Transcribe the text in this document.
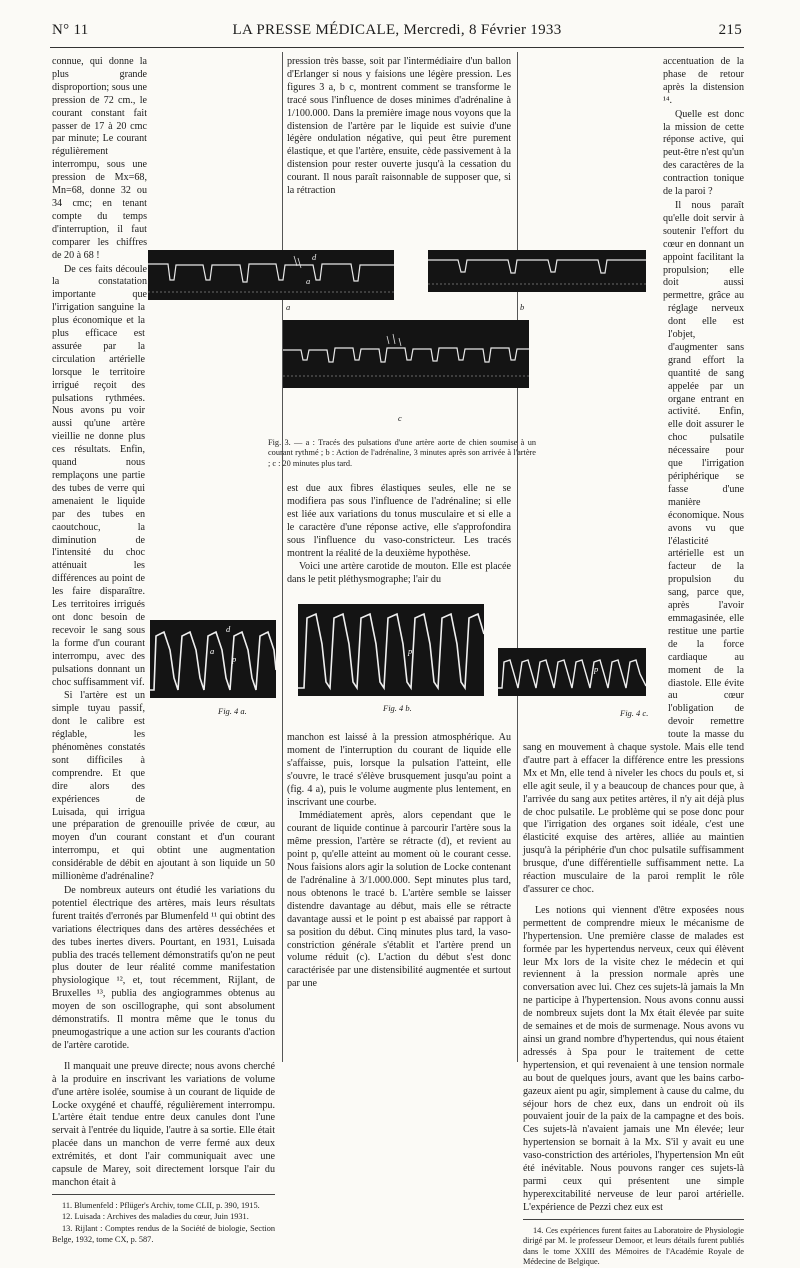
N° 11	LA PRESSE MÉDICALE, Mercredi, 8 Février 1933	215

connue, qui donne la plus grande disproportion; sous une pression de 72 cm., le courant constant fait passer de 17 à 20 cmc par minute; Le courant régulièrement interrompu, sous une pression de Mx=68, Mn=68, donne 32 ou 34 cmc; en tenant compte du temps d'interruption, il faut comparer les chiffres de 20 à 68 !

De ces faits découle la constatation importante que l'irrigation sanguine la plus économique et la plus efficace est assurée par la circulation artérielle lorsque le territoire irrigué reçoit des pulsations rythmées. Nous avons pu voir aussi qu'une artère vieillie ne donne plus ces résultats. Enfin, quand nous remplaçons une partie des tubes de verre qui amenaient le liquide par des tubes en caoutchouc, la diminution de l'intensité du choc atténuait les différences au point de les faire disparaître. Les territoires irrigués ont donc besoin de recevoir le sang sous la forme d'un courant interrompu, avec des pulsations donnant un choc suffisamment vif.

Si l'artère est un simple tuyau passif, dont le calibre est réglable, les phénomènes constatés sont difficiles à comprendre. Et que dire alors des expériences de Luisada, qui irrigua une préparation de grenouille privée de cœur, au moyen d'un courant constant et d'un courant interrompu, et qui obtint une augmentation considérable de débit en ajoutant à son liquide un 50 millionème d'adrénaline?

De nombreux auteurs ont étudié les variations du potentiel électrique des artères, mais leurs résultats furent traités d'erronés par Blumenfeld ¹¹ qui obtint des variations électriques dans des artères desséchées et des tubes inertes divers. Pourtant, en 1931, Luisada publia des tracés tellement démonstratifs qu'on ne peut plus douter de leur réalité comme manifestation physiologique ¹², et, tout récemment, Rijlant, de Bruxelles ¹³, publia des angiogrammes obtenus au moyen de son oscillographe, qui sont absolument démonstratifs. Il montra même que le tonus du pneumogastrique a une action sur les courants d'action de l'artère carotide.

Il manquait une preuve directe; nous avons cherché à la produire en inscrivant les variations de volume d'une artère isolée, soumise à un courant de liquide de Locke oxygéné et chauffé, régulièrement interrompu. L'artère était tendue entre deux canules dont l'une servait à l'entrée du liquide, l'autre à sa sortie. Elle était placée dans un manchon de verre fermé aux deux extrémités, et dont l'air communiquait avec une capsule de Marey, soit directement lorsque l'air du manchon était à

11. Blumenfeld : Pflüger's Archiv, tome CLII, p. 390, 1915.

12. Luisada : Archives des maladies du cœur, Juin 1931.

13. Rijlant : Comptes rendus de la Société de biologie, Section Belge, 1932, tome CX, p. 587.

pression très basse, soit par l'intermédiaire d'un ballon d'Erlanger si nous y faisions une légère pression. Les figures 3 a, b c, montrent comment se transforme le tracé sous l'influence de doses minimes d'adrénaline à 1/100.000. Dans la première image nous voyons que la distension de l'artère par le liquide est suivie d'une légère ondulation négative, qui peut être purement élastique, et que l'artère, ensuite, cède passivement à la distension pour rester ouverte jusqu'à la cessation du courant. Il nous paraît raisonnable de supposer que, si la rétraction

est due aux fibres élastiques seules, elle ne se modifiera pas sous l'influence de l'adrénaline; si elle est liée aux variations du tonus musculaire et si elle a le caractère d'une réponse active, elle s'approfondira sous l'influence du vaso-constricteur. Les tracés montrent la réalité de la deuxième hypothèse.

Voici une artère carotide de mouton. Elle est placée dans le petit pléthysmographe; l'air du

manchon est laissé à la pression atmosphérique. Au moment de l'interruption du courant de liquide elle s'affaisse, puis, lorsque la pulsation l'atteint, elle s'ouvre, le tracé s'élève brusquement jusqu'au point a (fig. 4 a), puis le volume augmente plus lentement, en inscrivant une courbe.

Immédiatement après, alors cependant que le courant de liquide continue à parcourir l'artère sous la même pression, l'artère se rétracte (d), et revient au point p, qu'elle atteint au moment où le courant cesse. Nous faisions alors agir la solution de Locke contenant de l'adrénaline à 3/1.000.000. Sept minutes plus tard, nous obtenons le tracé b. L'artère semble se laisser distendre davantage au début, mais elle se rétracte davantage aussi et le point p est abaissé par rapport à sa position du début. Cinq minutes plus tard, la vaso-constriction générale s'établit et l'artère prend un volume réduit (c). L'action du début s'est donc caractérisée par une distensibilité augmentée et surtout par une

accentuation de la phase de retour après la distension ¹⁴.

Quelle est donc la mission de cette réponse active, qui peut-être n'est qu'un des caractères de la contraction tonique de la paroi ?

Il nous paraît qu'elle doit servir à soutenir l'effort du cœur en donnant un appoint facilitant la propulsion; elle doit aussi permettre, grâce au réglage nerveux dont elle est l'objet, d'augmenter sans grand effort la quantité de sang appelée par un organe entrant en activité. Enfin, elle doit assurer le choc pulsatile nécessaire pour que l'irrigation périphérique se fasse d'une manière économique. Nous avons vu que l'élasticité artérielle est un facteur de la propulsion du sang, parce que, après l'avoir emmagasinée, elle restitue une partie de la force cardiaque au moment de la diastole. Elle évite au cœur l'obligation de devoir remettre toute la masse du sang en mouvement à chaque systole. Mais elle tend d'autre part à effacer la différence entre les pressions Mx et Mn, elle tend à niveler les chocs du pouls et, si elle agit seule, il y a beaucoup de chances pour que, à l'arrivée du sang aux petites artères, il n'y ait déjà plus de choc pulsatile. Le problème qui se pose donc pour que l'irrigation des organes soit idéale, c'est une élasticité exquise des artères, alliée au maintien jusqu'à la périphérie d'un choc pulsatile suffisamment brusque, d'une différentielle suffisamment nette. La réaction musculaire de la paroi remplit le rôle d'assurer ce choc.

Les notions qui viennent d'être exposées nous permettent de comprendre mieux le mécanisme de l'hypertension. Une première classe de malades est formée par les hypertendus nerveux, ceux qui élèvent leur Mx lors de la visite chez le médecin et qui reviennent à la pression normale après une conversation avec lui. Chez ces sujets-là jamais la Mn ne participe à l'hypertension. Nous avons connu aussi de nombreux sujets dont la Mx était élevée par suite de semaines et de mois de surmenage. Nous avons vu ainsi un grand nombre d'hypertendus, qui nous étaient adressés à Spa pour le traitement de cette hypertension, et qui revenaient à une tension normale au bout de quelques jours, avant que les bains carbo-gazeux aient pu agir, simplement à cause du calme, du séjour hors de chez eux, dans un endroit où ils pouvaient jouir de la paix de la campagne et des bois. Ces sujets-là n'avaient jamais une Mn élevée; leur hypertension se bornait à la Mx. S'il y avait eu une vaso-constriction des artérioles, l'hypertension Mn eût été inévitable. Nous pouvons ranger ces sujets-là parmi ceux qui présentent une simple hyperexcitabilité nerveuse de leur paroi artérielle. L'expérience de Pezzi chez eux est

14. Ces expériences furent faites au Laboratoire de Physiologie dirigé par M. le professeur Demoor, et leurs détails furent publiés dans le tome XXIII des Mémoires de l'Académie Royale de Médecine de Belgique.

d
a
a	b
c
Fig. 3. — a : Tracés des pulsations d'une artère aorte de chien soumise à un courant rythmé ; b : Action de l'adrénaline, 3 minutes après son arrivée à l'artère ; c : 20 minutes plus tard.
a
d
p
Fig. 4 a.
p
Fig. 4 b.
p
Fig. 4 c.
